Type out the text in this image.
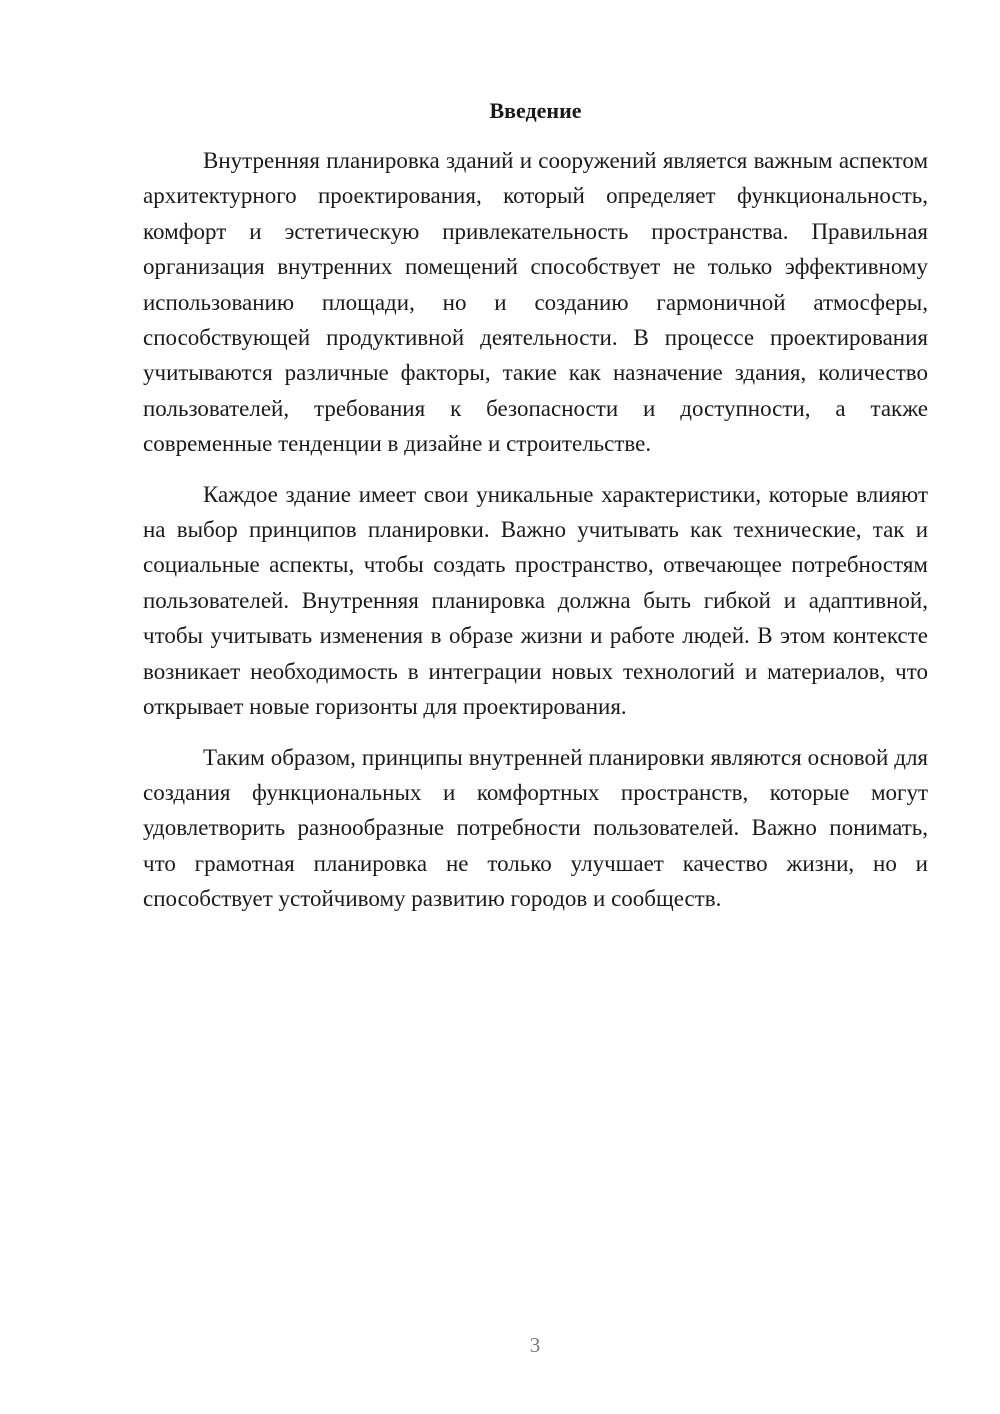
Введение

Внутренняя планировка зданий и сооружений является важным аспектом архитектурного проектирования, который определяет функциональность, комфорт и эстетическую привлекательность пространства. Правильная организация внутренних помещений способствует не только эффективному использованию площади, но и созданию гармоничной атмосферы, способствующей продуктивной деятельности. В процессе проектирования учитываются различные факторы, такие как назначение здания, количество пользователей, требования к безопасности и доступности, а также современные тенденции в дизайне и строительстве.

Каждое здание имеет свои уникальные характеристики, которые влияют на выбор принципов планировки. Важно учитывать как технические, так и социальные аспекты, чтобы создать пространство, отвечающее потребностям пользователей. Внутренняя планировка должна быть гибкой и адаптивной, чтобы учитывать изменения в образе жизни и работе людей. В этом контексте возникает необходимость в интеграции новых технологий и материалов, что открывает новые горизонты для проектирования.

Таким образом, принципы внутренней планировки являются основой для создания функциональных и комфортных пространств, которые могут удовлетворить разнообразные потребности пользователей. Важно понимать, что грамотная планировка не только улучшает качество жизни, но и способствует устойчивому развитию городов и сообществ.

3
